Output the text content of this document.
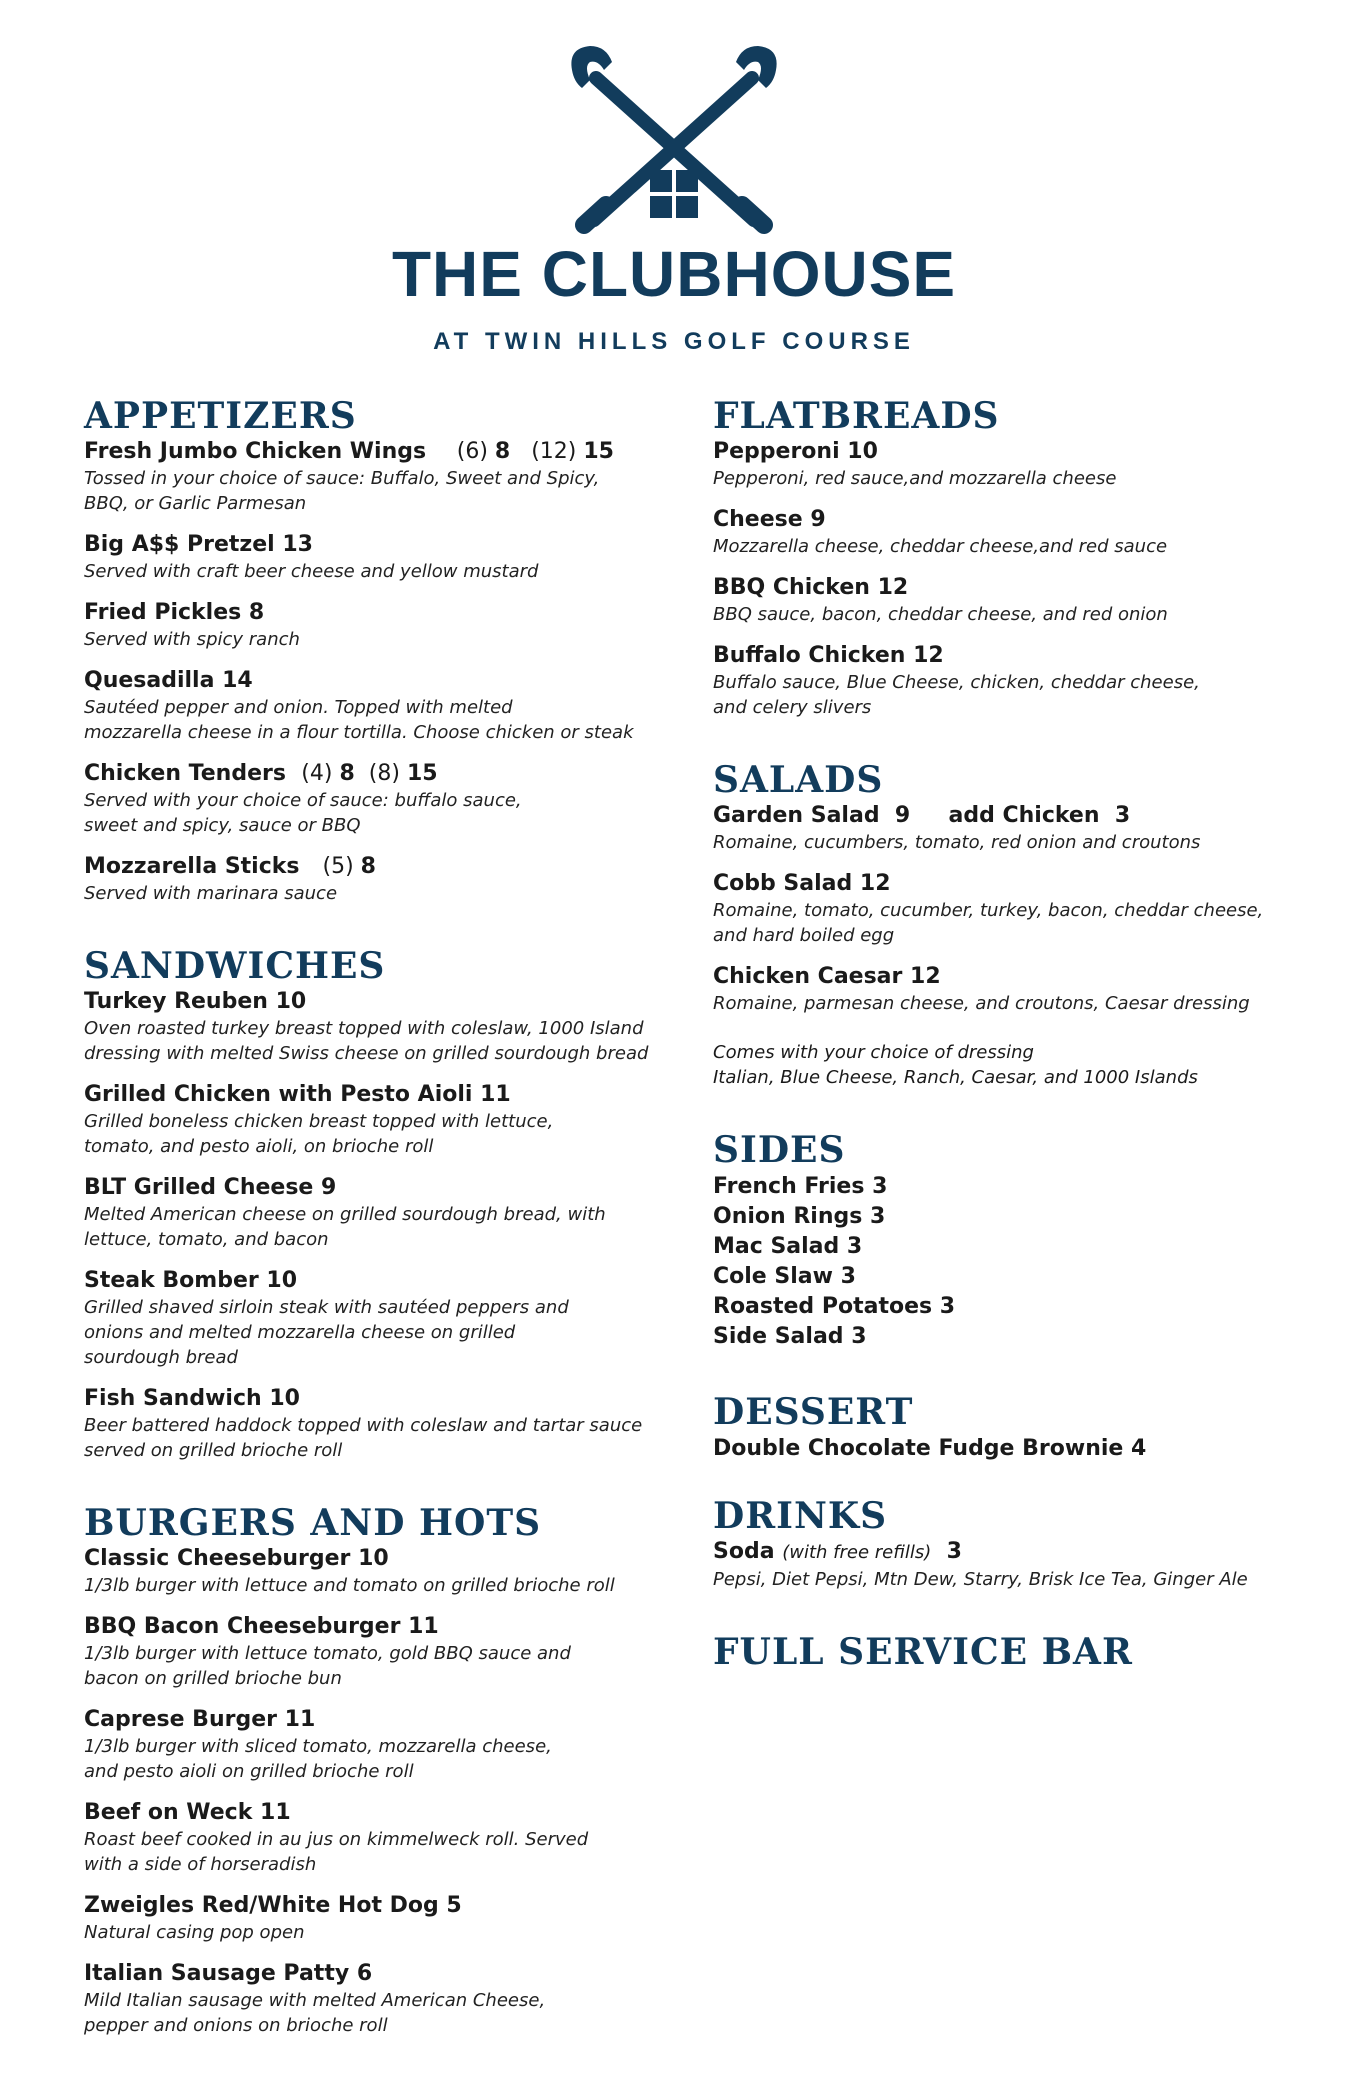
THE CLUBHOUSE
AT TWIN HILLS GOLF COURSE
APPETIZERS
Fresh Jumbo Chicken Wings (6) 8 (12) 15
Tossed in your choice of sauce: Buffalo, Sweet and Spicy,
BBQ, or Garlic Parmesan
Big A$$ Pretzel 13
Served with craft beer cheese and yellow mustard
Fried Pickles 8
Served with spicy ranch
Quesadilla 14
Sautéed pepper and onion. Topped with melted
mozzarella cheese in a flour tortilla. Choose chicken or steak
Chicken Tenders (4) 8 (8) 15
Served with your choice of sauce: buffalo sauce,
sweet and spicy, sauce or BBQ
Mozzarella Sticks (5) 8
Served with marinara sauce
SANDWICHES
Turkey Reuben 10
Oven roasted turkey breast topped with coleslaw, 1000 Island
dressing with melted Swiss cheese on grilled sourdough bread
Grilled Chicken with Pesto Aioli 11
Grilled boneless chicken breast topped with lettuce,
tomato, and pesto aioli, on brioche roll
BLT Grilled Cheese 9
Melted American cheese on grilled sourdough bread, with
lettuce, tomato, and bacon
Steak Bomber 10
Grilled shaved sirloin steak with sautéed peppers and
onions and melted mozzarella cheese on grilled
sourdough bread
Fish Sandwich 10
Beer battered haddock topped with coleslaw and tartar sauce
served on grilled brioche roll
BURGERS AND HOTS
Classic Cheeseburger 10
1/3lb burger with lettuce and tomato on grilled brioche roll
BBQ Bacon Cheeseburger 11
1/3lb burger with lettuce tomato, gold BBQ sauce and
bacon on grilled brioche bun
Caprese Burger 11
1/3lb burger with sliced tomato, mozzarella cheese,
and pesto aioli on grilled brioche roll
Beef on Weck 11
Roast beef cooked in au jus on kimmelweck roll. Served
with a side of horseradish
Zweigles Red/White Hot Dog 5
Natural casing pop open
Italian Sausage Patty 6
Mild Italian sausage with melted American Cheese,
pepper and onions on brioche roll
FLATBREADS
Pepperoni 10
Pepperoni, red sauce,and mozzarella cheese
Cheese 9
Mozzarella cheese, cheddar cheese,and red sauce
BBQ Chicken 12
BBQ sauce, bacon, cheddar cheese, and red onion
Buffalo Chicken 12
Buffalo sauce, Blue Cheese, chicken, cheddar cheese,
and celery slivers
SALADS
Garden Salad  9     add Chicken  3
Romaine, cucumbers, tomato, red onion and croutons
Cobb Salad 12
Romaine, tomato, cucumber, turkey, bacon, cheddar cheese,
and hard boiled egg
Chicken Caesar 12
Romaine, parmesan cheese, and croutons, Caesar dressing
Comes with your choice of dressing
Italian, Blue Cheese, Ranch, Caesar, and 1000 Islands
SIDES
French Fries 3
Onion Rings 3
Mac Salad 3
Cole Slaw 3
Roasted Potatoes 3
Side Salad 3
DESSERT
Double Chocolate Fudge Brownie 4
DRINKS
Soda (with free refills) 3
Pepsi, Diet Pepsi, Mtn Dew, Starry, Brisk Ice Tea, Ginger Ale
FULL SERVICE BAR
